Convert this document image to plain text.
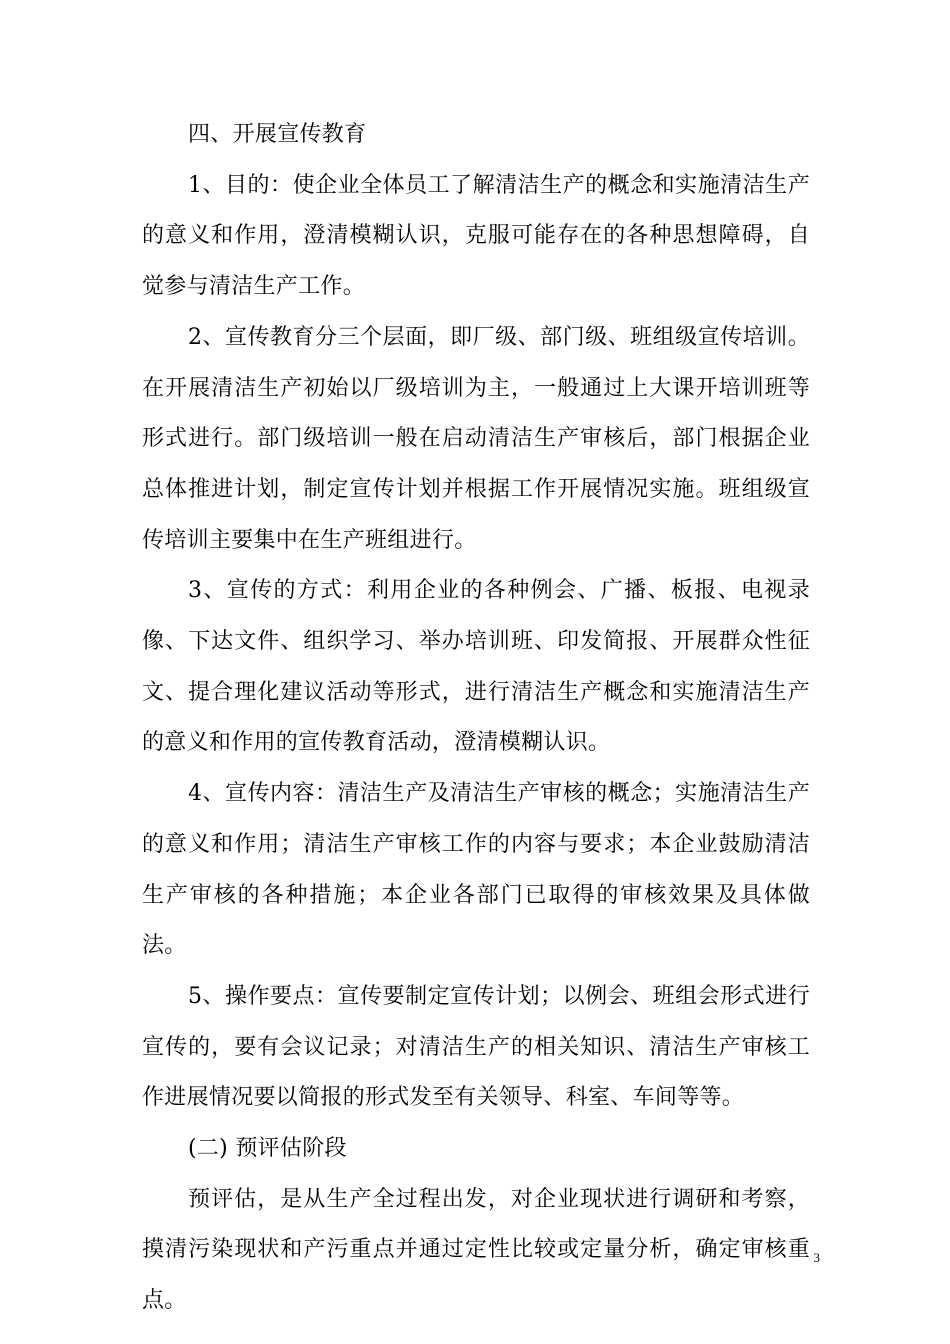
四、开展宣传教育

1、目的：使企业全体员工了解清洁生产的概念和实施清洁生产的意义和作用，澄清模糊认识，克服可能存在的各种思想障碍，自觉参与清洁生产工作。

2、宣传教育分三个层面，即厂级、部门级、班组级宣传培训。在开展清洁生产初始以厂级培训为主，一般通过上大课开培训班等形式进行。部门级培训一般在启动清洁生产审核后，部门根据企业总体推进计划，制定宣传计划并根据工作开展情况实施。班组级宣传培训主要集中在生产班组进行。

3、宣传的方式：利用企业的各种例会、广播、板报、电视录像、下达文件、组织学习、举办培训班、印发简报、开展群众性征文、提合理化建议活动等形式，进行清洁生产概念和实施清洁生产的意义和作用的宣传教育活动，澄清模糊认识。

4、宣传内容：清洁生产及清洁生产审核的概念；实施清洁生产的意义和作用；清洁生产审核工作的内容与要求；本企业鼓励清洁生产审核的各种措施；本企业各部门已取得的审核效果及具体做法。

5、操作要点：宣传要制定宣传计划；以例会、班组会形式进行宣传的，要有会议记录；对清洁生产的相关知识、清洁生产审核工作进展情况要以简报的形式发至有关领导、科室、车间等等。

(二) 预评估阶段

预评估，是从生产全过程出发，对企业现状进行调研和考察，摸清污染现状和产污重点并通过定性比较或定量分析，确定审核重点。

3
